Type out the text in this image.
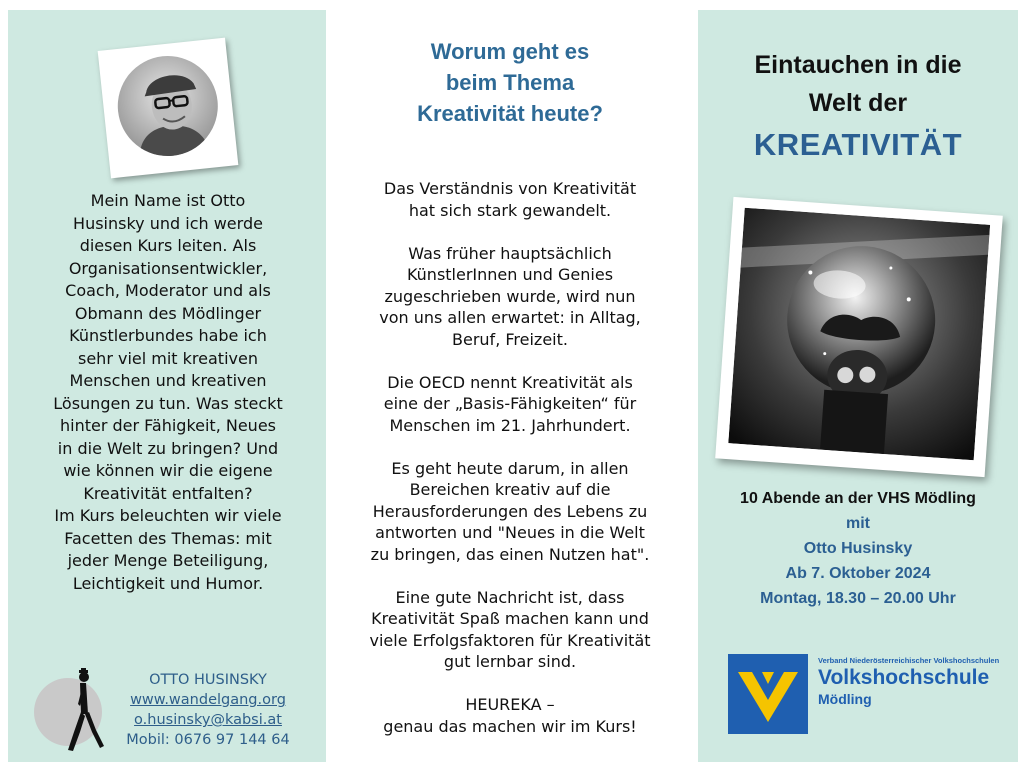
Mein Name ist Otto
Husinsky und ich werde
diesen Kurs leiten. Als
Organisationsentwickler,
Coach, Moderator und als
Obmann des Mödlinger
Künstlerbundes habe ich
sehr viel mit kreativen
Menschen und kreativen
Lösungen zu tun. Was steckt
hinter der Fähigkeit, Neues
in die Welt zu bringen? Und
wie können wir die eigene
Kreativität entfalten?
Im Kurs beleuchten wir viele
Facetten des Themas: mit
jeder Menge Beteiligung,
Leichtigkeit und Humor.
OTTO HUSINSKY
www.wandelgang.org
o.husinsky@kabsi.at
Mobil: 0676 97 144 64
Worum geht es
beim Thema
Kreativität heute?

Das Verständnis von Kreativität
hat sich stark gewandelt.

Was früher hauptsächlich
KünstlerInnen und Genies
zugeschrieben wurde, wird nun
von uns allen erwartet: in Alltag,
Beruf, Freizeit.

Die OECD nennt Kreativität als
eine der „Basis-Fähigkeiten“ für
Menschen im 21. Jahrhundert.

Es geht heute darum, in allen
Bereichen kreativ auf die
Herausforderungen des Lebens zu
antworten und "Neues in die Welt
zu bringen, das einen Nutzen hat".

Eine gute Nachricht ist, dass
Kreativität Spaß machen kann und
viele Erfolgsfaktoren für Kreativität
gut lernbar sind.

HEUREKA –
genau das machen wir im Kurs!

Eintauchen in die
Welt der
KREATIVITÄT
10 Abende an der VHS Mödling
mit
Otto Husinsky
Ab 7. Oktober 2024
Montag, 18.30 – 20.00 Uhr
Verband Niederösterreichischer Volkshochschulen
Volkshochschule
Mödling
